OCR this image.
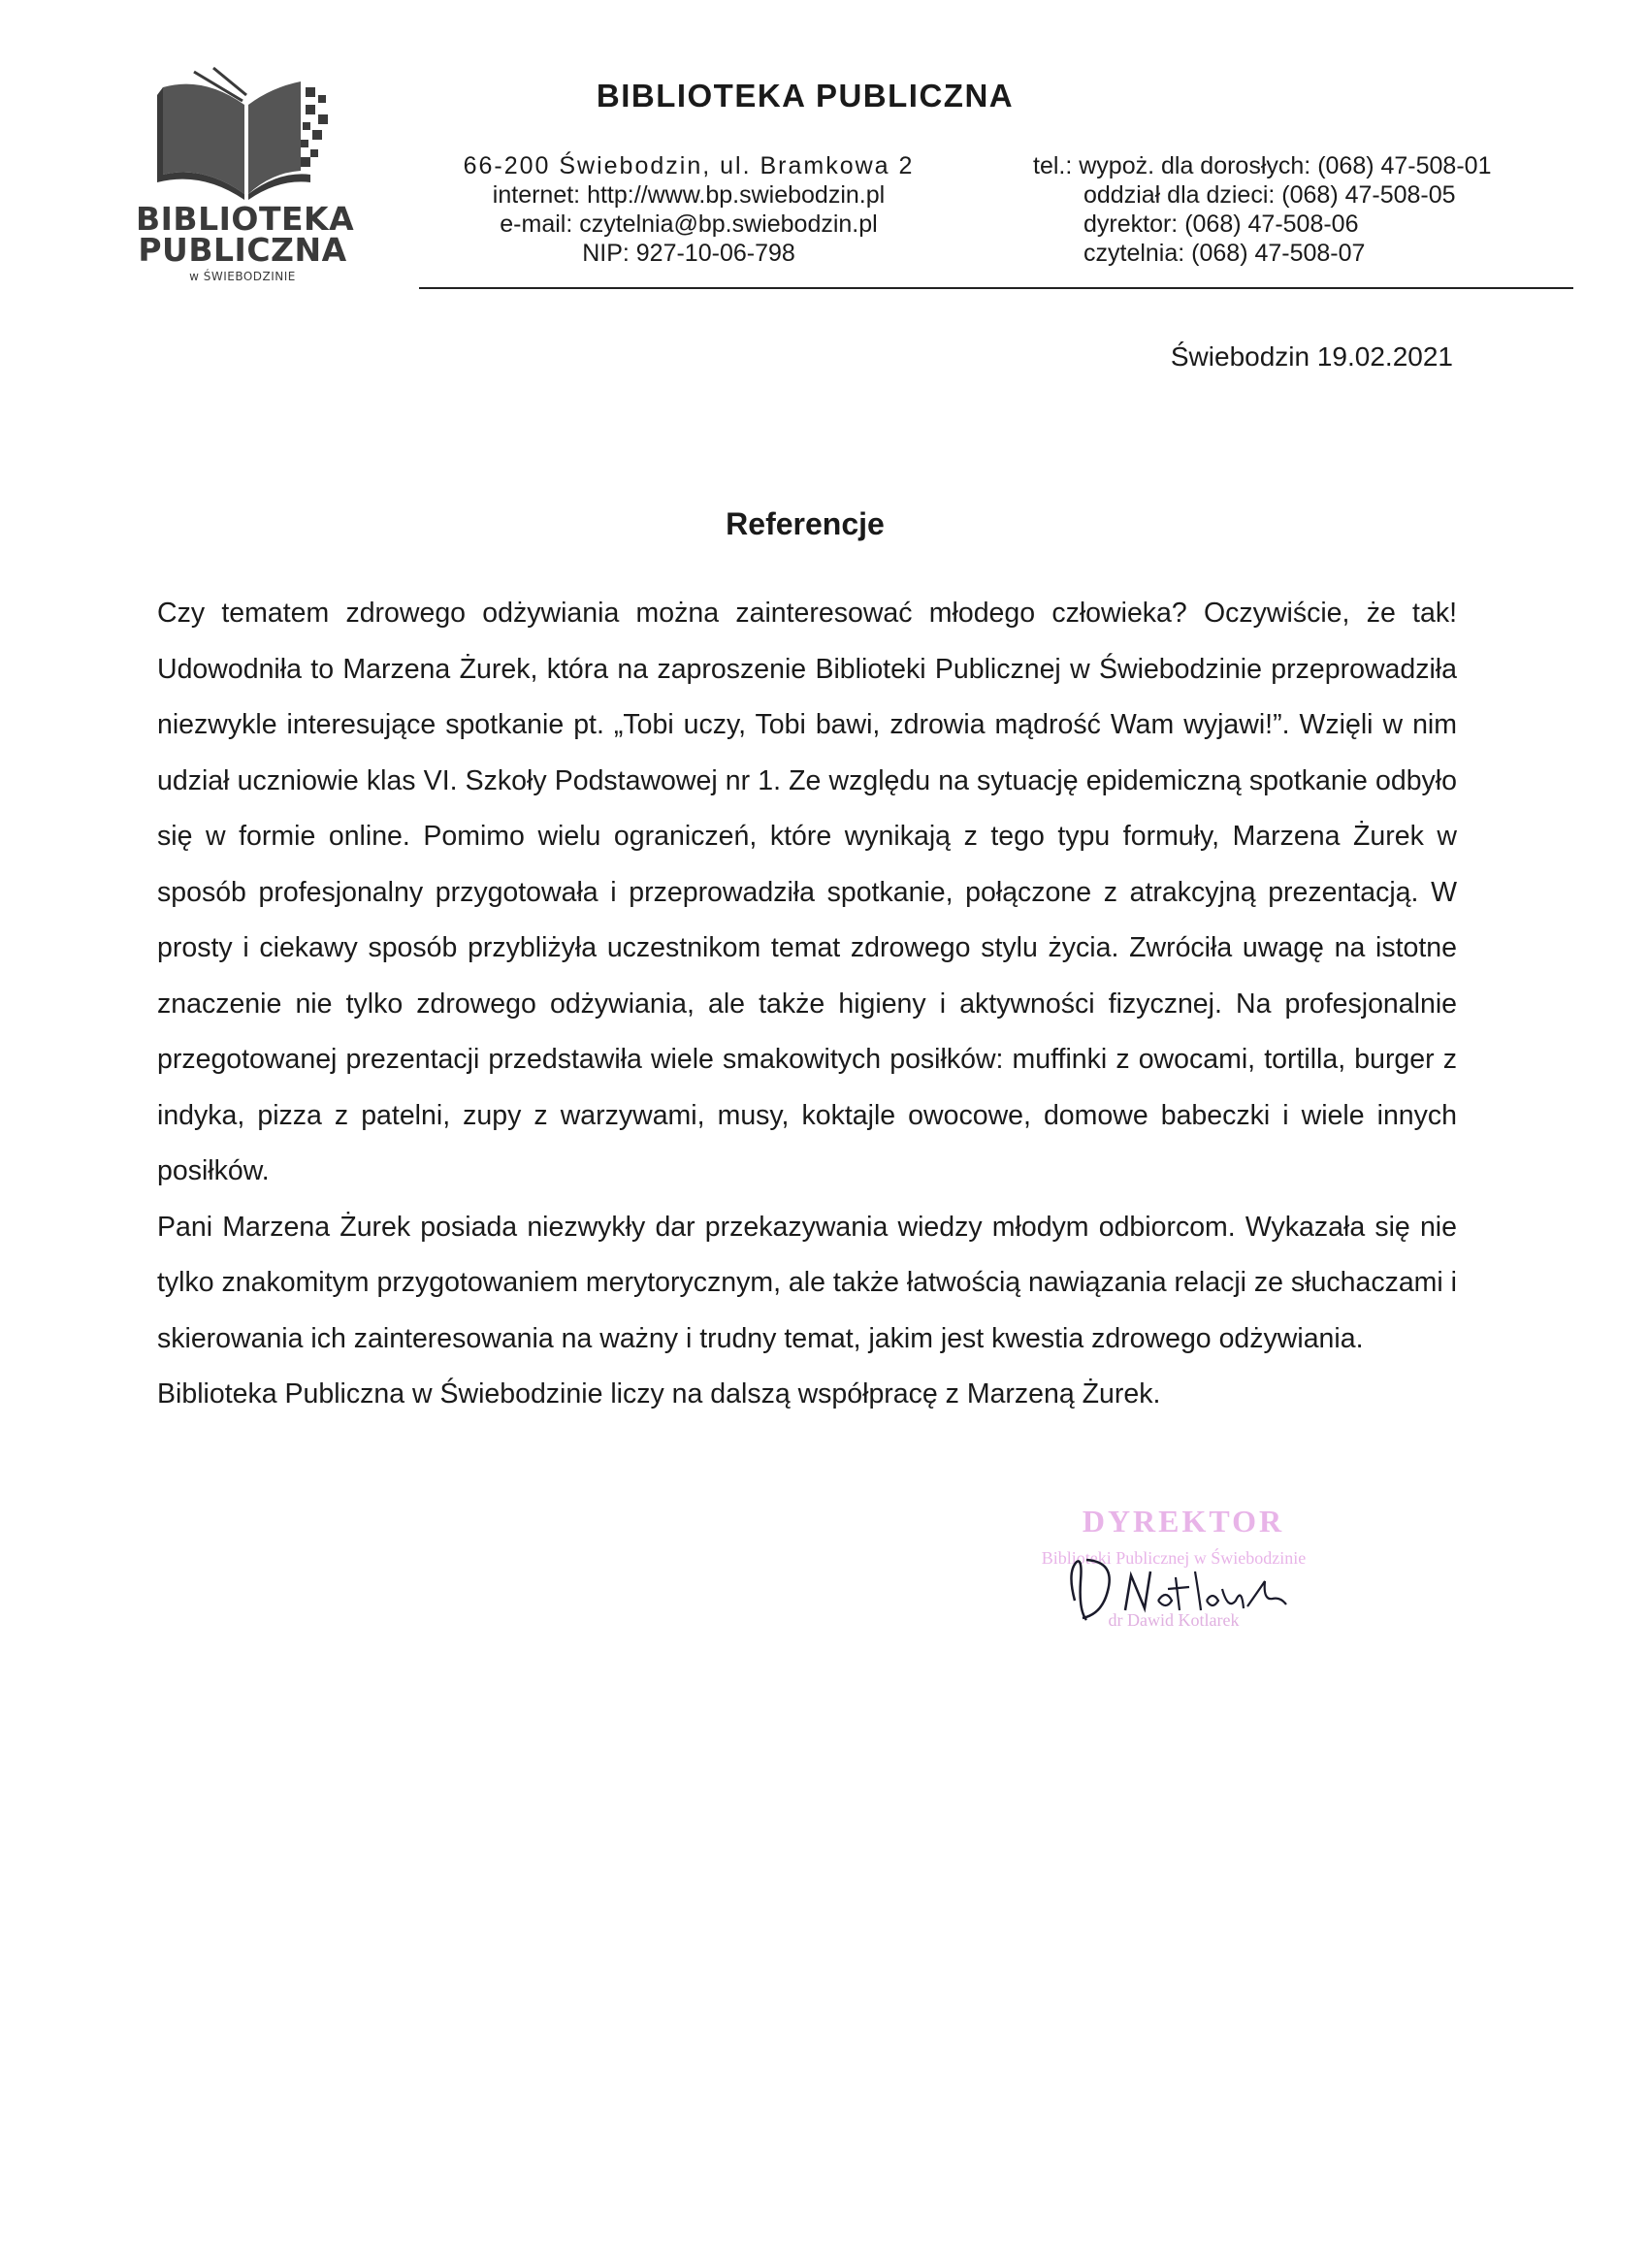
BIBLIOTEKA
PUBLICZNA
w ŚWIEBODZINIE
BIBLIOTEKA PUBLICZNA
66-200 Świebodzin, ul. Bramkowa 2
internet: http://www.bp.swiebodzin.pl
e-mail: czytelnia@bp.swiebodzin.pl
NIP: 927-10-06-798
tel.: wypoż. dla dorosłych: (068) 47-508-01
oddział dla dzieci: (068) 47-508-05
dyrektor: (068) 47-508-06
czytelnia: (068) 47-508-07
Świebodzin 19.02.2021
Referencje

Czy tematem zdrowego odżywiania można zainteresować młodego człowieka? Oczywiście, że tak! Udowodniła to Marzena Żurek, która na zaproszenie Biblioteki Publicznej w Świebodzinie przeprowadziła niezwykle interesujące spotkanie pt. „Tobi uczy, Tobi bawi, zdrowia mądrość Wam wyjawi!”. Wzięli w nim udział uczniowie klas VI. Szkoły Podstawowej nr 1. Ze względu na sytuację epidemiczną spotkanie odbyło się w formie online. Pomimo wielu ograniczeń, które wynikają z tego typu formuły, Marzena Żurek w sposób profesjonalny przygotowała i przeprowadziła spotkanie, połączone z atrakcyjną prezentacją. W prosty i ciekawy sposób przybliżyła uczestnikom temat zdrowego stylu życia. Zwróciła uwagę na istotne znaczenie nie tylko zdrowego odżywiania, ale także higieny i aktywności fizycznej. Na profesjonalnie przegotowanej prezentacji przedstawiła wiele smakowitych posiłków: muffinki z owocami, tortilla, burger z indyka, pizza z patelni, zupy z warzywami, musy, koktajle owocowe, domowe babeczki i wiele innych posiłków.

Pani Marzena Żurek posiada niezwykły dar przekazywania wiedzy młodym odbiorcom. Wykazała się nie tylko znakomitym przygotowaniem merytorycznym, ale także łatwością nawiązania relacji ze słuchaczami i skierowania ich zainteresowania na ważny i trudny temat, jakim jest kwestia zdrowego odżywiania.

Biblioteka Publiczna w Świebodzinie liczy na dalszą współpracę z Marzeną Żurek.

DYREKTOR
Biblioteki Publicznej w Świebodzinie
dr Dawid Kotlarek
